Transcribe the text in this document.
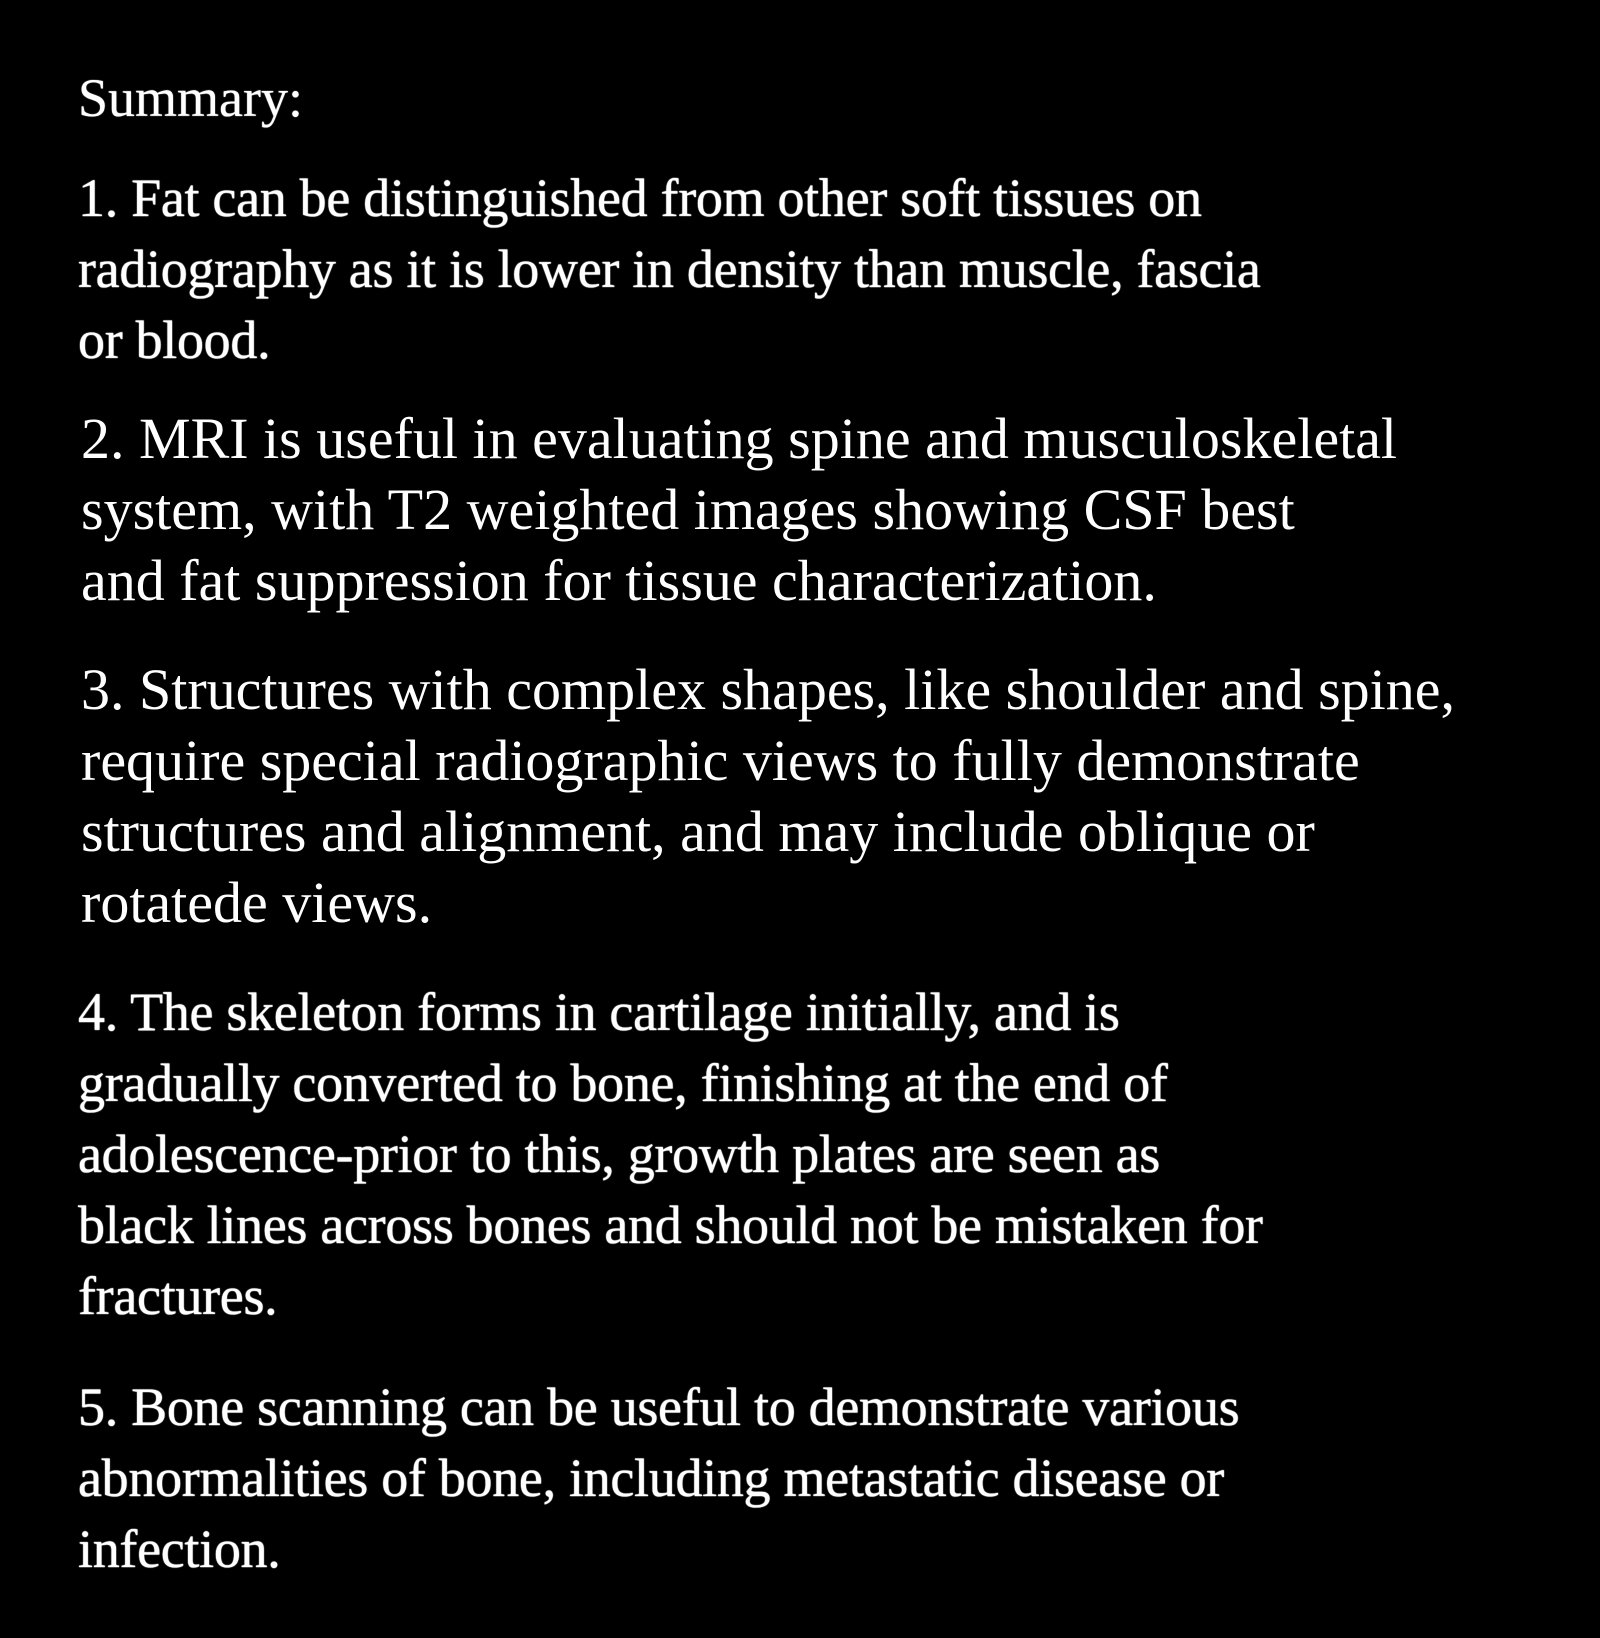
Summary:

1. Fat can be distinguished from other soft tissues on
radiography as it is lower in density than muscle, fascia
or blood.

2. MRI is useful in evaluating spine and musculoskeletal
system, with T2 weighted images showing CSF best
and fat suppression for tissue characterization.

3. Structures with complex shapes, like shoulder and spine,
require special radiographic views to fully demonstrate
structures and alignment, and may include oblique or
rotatede views.

4. The skeleton forms in cartilage initially, and is
gradually converted to bone, finishing at the end of
adolescence-prior to this, growth plates are seen as
black lines across bones and should not be mistaken for
fractures.

5. Bone scanning can be useful to demonstrate various
abnormalities of bone, including metastatic disease or
infection.
